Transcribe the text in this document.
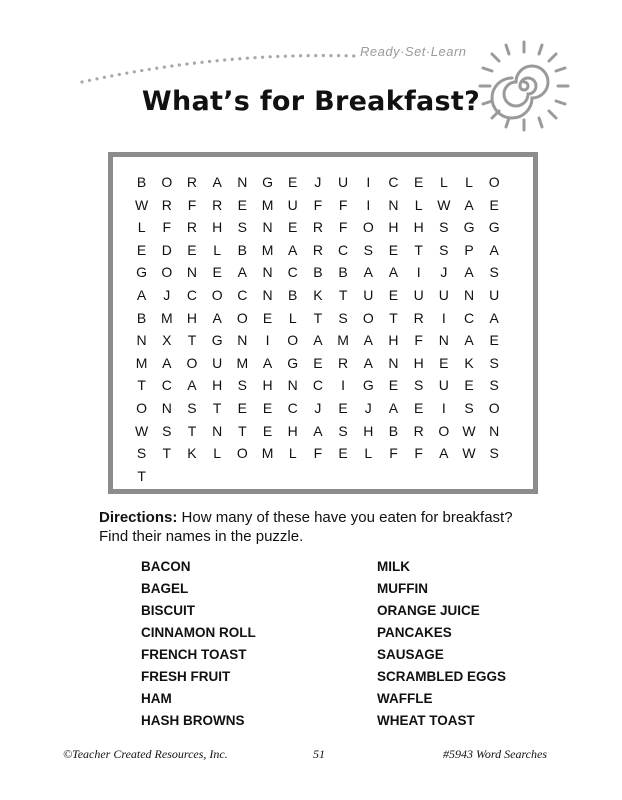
Ready·Set·Learn
What’s for Breakfast?
B	O	R	A	N	G	E	J	U	I	C	E	L	L	O
W R	F	R	E	M	U	F	F	I	N	L	W A	E
L	F	R	H	S	N	E	R	F	O	H	H	S	G	G
E	D	E	L	B	M	A	R	C	S	E	T	S	P	A
G	O	N	E	A	N	C	B	B	A	A	I	J	A	S
A	J	C	O	C	N	B	K	T	U	E	U	U	N	U
B	M	H	A	O	E	L	T	S	O	T	R	I	C	A
N	X	T	G	N	I	O	A	M	A	H	F	N	A	E
M	A	O	U	M	A	G	E	R	A	N	H	E	K	S
T	C	A	H	S	H	N	C	I	G	E	S	U	E	S
O	N	S	T	E	E	C	J	E	J	A	E	I	S	O
W S	T	N	T	E	H	A	S	H	B	R	O W N
S	T	K	L	O M	L	F	E	L	F	F	A W S
T
Directions: How many of these have you eaten for breakfast?
Find their names in the puzzle.
BACON
BAGEL
BISCUIT
CINNAMON ROLL
FRENCH TOAST
FRESH FRUIT
HAM
HASH BROWNS
MILK
MUFFIN
ORANGE JUICE
PANCAKES
SAUSAGE
SCRAMBLED EGGS
WAFFLE
WHEAT TOAST
©Teacher Created Resources, Inc.	51	#5943 Word Searches
